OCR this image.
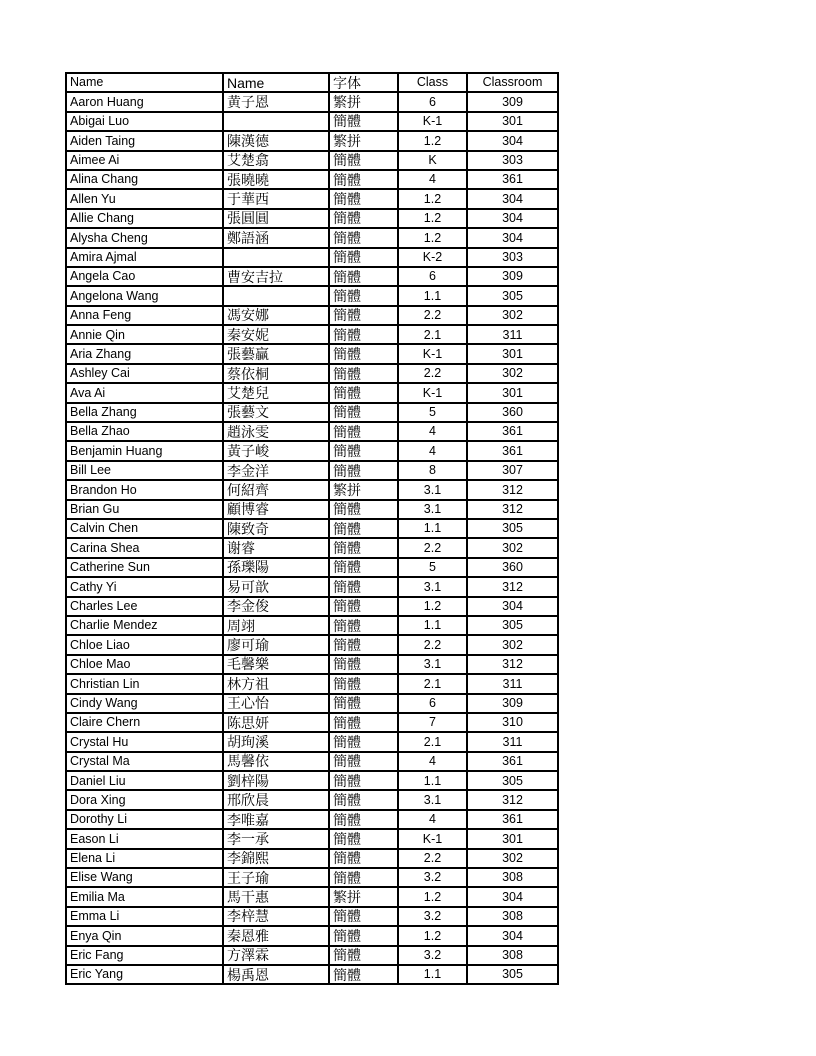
Name	Name	字体	Class	Classroom
Aaron Huang	黄子恩	繁拼	6	309
Abigai Luo		簡體	K-1	301
Aiden Taing	陳漢德	繁拼	1.2	304
Aimee Ai	艾楚翕	簡體	K	303
Alina Chang	張曉曉	簡體	4	361
Allen Yu	于華西	簡體	1.2	304
Allie Chang	張圓圓	簡體	1.2	304
Alysha Cheng	鄭語涵	簡體	1.2	304
Amira Ajmal		簡體	K-2	303
Angela Cao	曹安吉拉	簡體	6	309
Angelona Wang		簡體	1.1	305
Anna Feng	馮安娜	簡體	2.2	302
Annie Qin	秦安妮	簡體	2.1	311
Aria Zhang	張藝贏	簡體	K-1	301
Ashley Cai	蔡依桐	簡體	2.2	302
Ava Ai	艾楚兒	簡體	K-1	301
Bella Zhang	張藝文	簡體	5	360
Bella Zhao	趙泳雯	簡體	4	361
Benjamin Huang	黃子峻	簡體	4	361
Bill Lee	李金洋	簡體	8	307
Brandon Ho	何紹齊	繁拼	3.1	312
Brian Gu	顧博睿	簡體	3.1	312
Calvin Chen	陳致奇	簡體	1.1	305
Carina Shea	谢睿	簡體	2.2	302
Catherine Sun	孫瓅陽	簡體	5	360
Cathy Yi	易可歆	簡體	3.1	312
Charles Lee	李金俊	簡體	1.2	304
Charlie Mendez	周翊	簡體	1.1	305
Chloe Liao	廖可瑜	簡體	2.2	302
Chloe Mao	毛馨樂	簡體	3.1	312
Christian Lin	林方祖	簡體	2.1	311
Cindy Wang	王心怡	簡體	6	309
Claire Chern	陈思妍	簡體	7	310
Crystal Hu	胡珣溪	簡體	2.1	311
Crystal Ma	馬馨依	簡體	4	361
Daniel Liu	劉梓陽	簡體	1.1	305
Dora Xing	邢欣晨	簡體	3.1	312
Dorothy Li	李唯嘉	簡體	4	361
Eason Li	李一承	簡體	K-1	301
Elena Li	李錦熙	簡體	2.2	302
Elise Wang	王子瑜	簡體	3.2	308
Emilia Ma	馬干惠	繁拼	1.2	304
Emma Li	李梓慧	簡體	3.2	308
Enya Qin	秦恩雅	簡體	1.2	304
Eric Fang	方澤霖	簡體	3.2	308
Eric Yang	楊禹恩	簡體	1.1	305
